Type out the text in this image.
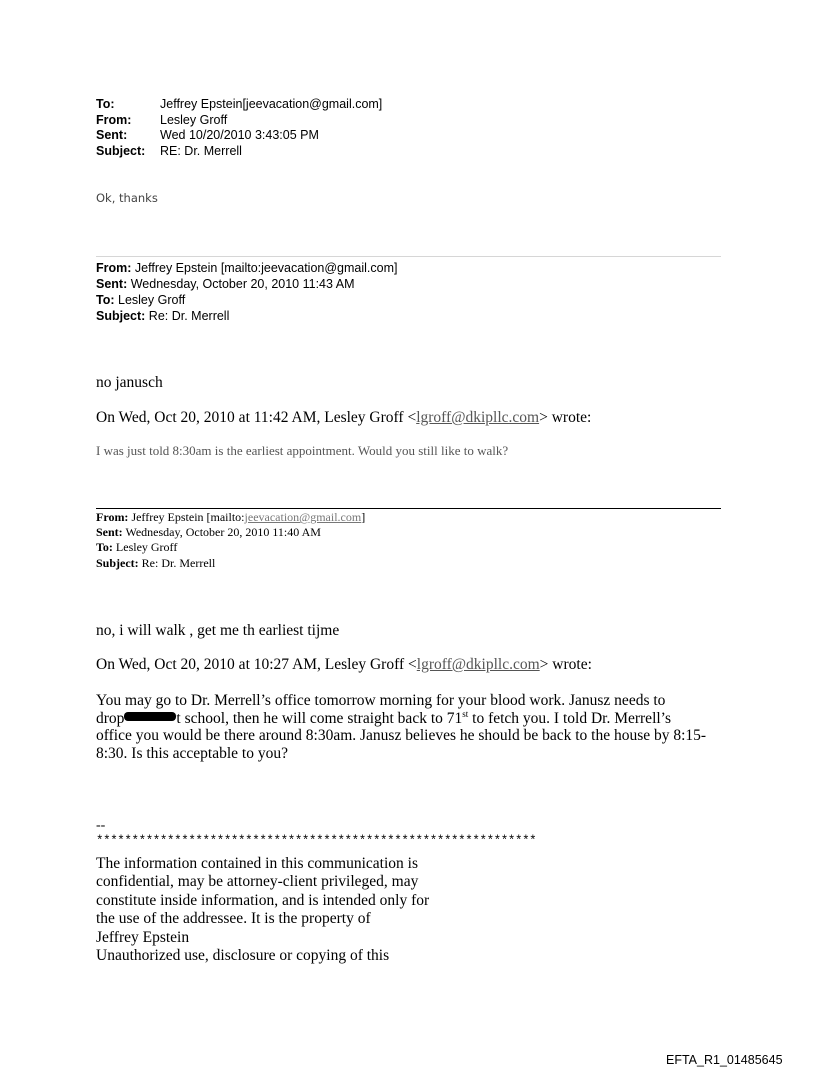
To:	Jeffrey Epstein[jeevacation@gmail.com]
From:	Lesley Groff
Sent:	Wed 10/20/2010 3:43:05 PM
Subject:	RE: Dr. Merrell
Ok, thanks
From: Jeffrey Epstein [mailto:jeevacation@gmail.com]
Sent: Wednesday, October 20, 2010 11:43 AM
To: Lesley Groff
Subject: Re: Dr. Merrell
no janusch
On Wed, Oct 20, 2010 at 11:42 AM, Lesley Groff <lgroff@dkipllc.com> wrote:
I was just told 8:30am is the earliest appointment. Would you still like to walk?
From: Jeffrey Epstein [mailto:jeevacation@gmail.com]
Sent: Wednesday, October 20, 2010 11:40 AM
To: Lesley Groff
Subject: Re: Dr. Merrell
no, i will walk , get me th earliest tijme
On Wed, Oct 20, 2010 at 10:27 AM, Lesley Groff <lgroff@dkipllc.com> wrote:
You may go to Dr. Merrell’s office tomorrow morning for your blood work. Janusz needs to
drop	t school, then he will come straight back to 71st to fetch you. I told Dr. Merrell’s
office you would be there around 8:30am. Janusz believes he should be back to the house by 8:15-
8:30. Is this acceptable to you?
--
**************************************************************
The information contained in this communication is
confidential, may be attorney-client privileged, may
constitute inside information, and is intended only for
the use of the addressee. It is the property of
Jeffrey Epstein
Unauthorized use, disclosure or copying of this
EFTA_R1_01485645
